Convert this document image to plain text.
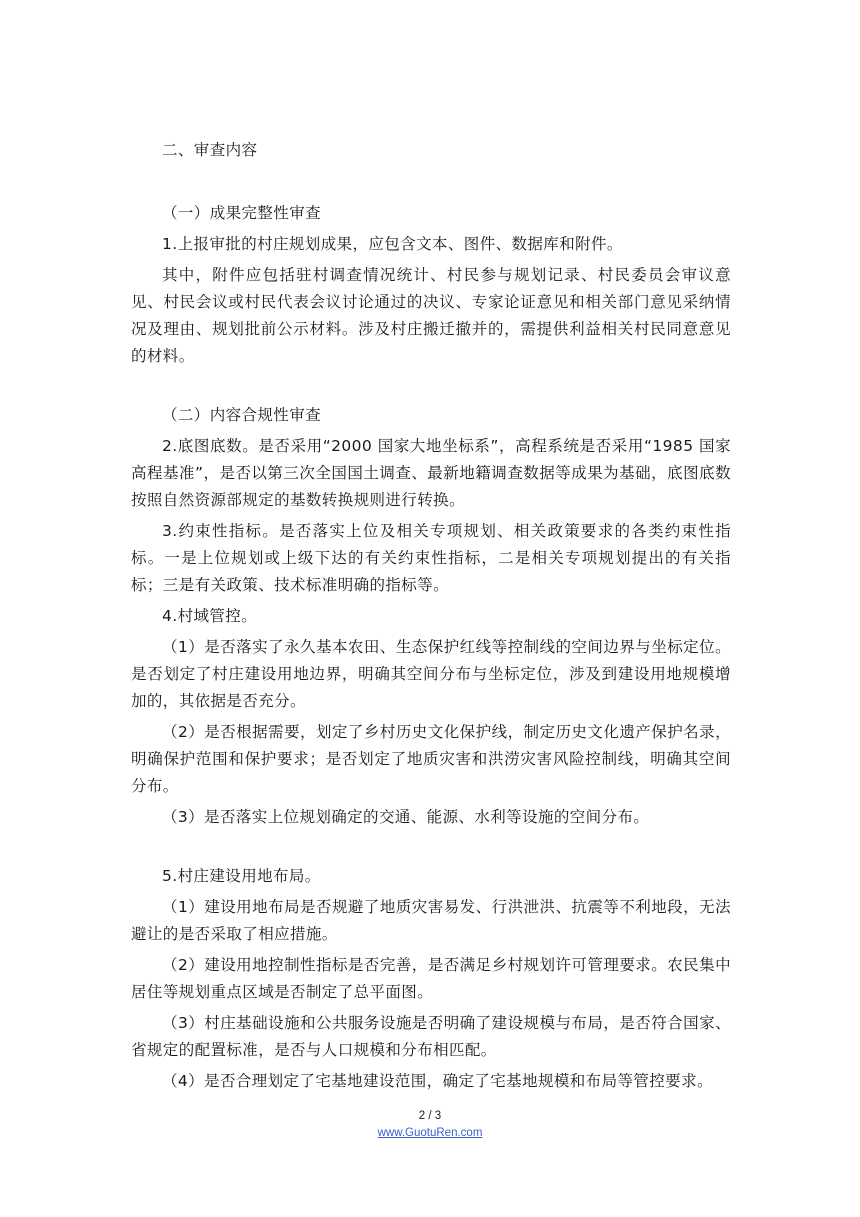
二、审查内容

（一）成果完整性审查

1.上报审批的村庄规划成果，应包含文本、图件、数据库和附件。

其中，附件应包括驻村调查情况统计、村民参与规划记录、村民委员会审议意见、村民会议或村民代表会议讨论通过的决议、专家论证意见和相关部门意见采纳情况及理由、规划批前公示材料。涉及村庄搬迁撤并的，需提供利益相关村民同意意见的材料。

（二）内容合规性审查

2.底图底数。是否采用“2000 国家大地坐标系”，高程系统是否采用“1985 国家高程基准”，是否以第三次全国国土调查、最新地籍调查数据等成果为基础，底图底数按照自然资源部规定的基数转换规则进行转换。

3.约束性指标。是否落实上位及相关专项规划、相关政策要求的各类约束性指标。一是上位规划或上级下达的有关约束性指标，二是相关专项规划提出的有关指标；三是有关政策、技术标准明确的指标等。

4.村域管控。

（1）是否落实了永久基本农田、生态保护红线等控制线的空间边界与坐标定位。是否划定了村庄建设用地边界，明确其空间分布与坐标定位，涉及到建设用地规模增加的，其依据是否充分。

（2）是否根据需要，划定了乡村历史文化保护线，制定历史文化遗产保护名录，明确保护范围和保护要求；是否划定了地质灾害和洪涝灾害风险控制线，明确其空间分布。

（3）是否落实上位规划确定的交通、能源、水利等设施的空间分布。

5.村庄建设用地布局。

（1）建设用地布局是否规避了地质灾害易发、行洪泄洪、抗震等不利地段，无法避让的是否采取了相应措施。

（2）建设用地控制性指标是否完善，是否满足乡村规划许可管理要求。农民集中居住等规划重点区域是否制定了总平面图。

（3）村庄基础设施和公共服务设施是否明确了建设规模与布局，是否符合国家、省规定的配置标准，是否与人口规模和分布相匹配。

（4）是否合理划定了宅基地建设范围，确定了宅基地规模和布局等管控要求。

2 / 3
www.GuotuRen.com
